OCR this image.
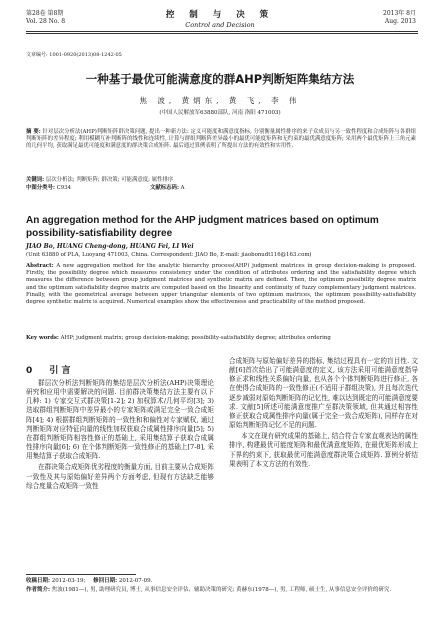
第28卷 第8期
Vol. 28 No. 8
控 制 与 决 策
Control and Decision
2013年 8月
Aug. 2013
文章编号: 1001-0920(2013)08-1242-05
一种基于最优可能满意度的群AHP判断矩阵集结方法
焦 波, 黄炳东, 黄 飞, 李 伟
(中国人民解放军63880部队, 河南 洛阳 471003)
摘 要: 针对层次分析法(AHP)判断矩阵群决策问题, 提出一种新方法: 定义可能度和满意度指标, 分别衡量属性排序的来子众成员与另一致性程度和合成矩阵与各群组判断矩阵的差异程度; 利用模糊互补判断阵的线性和连续性, 计算与群组判断阵差异最小的最优可能度矩阵和无约束的最优满意度矩阵; 采用两个最优矩阵上三角元素的几何平均, 获取满足最优可能度和满意度的群决策合成矩阵. 最后通过算例表明了所提出方法的有效性和实用性.
关键词: 层次分析法; 判断矩阵; 群决策; 可能满意度; 属性排序
中图分类号: C934	文献标志码: A
An aggregation method for the AHP judgment matrices based on optimum possibility-satisfiability degree
JIAO Bo, HUANG Cheng-dong, HUANG Fei, LI Wei
(Unit 63880 of PLA, Luoyang 471003, China. Correspondent: JIAO Bo, E-mail: jiaobonudt116@163.com)
Abstract: A new aggregation method for the analytic hierarchy process(AHP) judgment matrices in group decision-making is proposed. Firstly, the possibility degree which measures consistency under the condition of attributes ordering and the satisfiability degree which measures the difference between group judgment matrices and synthetic matrix are defined. Then, the optimum possibility degree matrix and the optimum satisfiability degree matrix are computed based on the linearity and continuity of fuzzy complementary judgment matrices. Finally, with the geometrical average between upper triangular elements of two optimum matrices, the optimum possibility-satisfiability degree synthetic matrix is acquired. Numerical examples show the effectiveness and practicability of the method proposed.
Key words: AHP; judgment matrix; group decision-making; possibility-satisfiability degree; attributes ordering
0 引 言

群层次分析法判断矩阵的集结是层次分析法(AHP)决策理论研究和应用中需要解决的问题. 目前群决策集结方法主要有以下几种: 1) 专家交互式群决策[1-2]; 2) 加权算术/几何平均[3]; 3) 迭取群组判断矩阵中差异最小的专家矩阵或满足完全一致合成矩阵[4]; 4) 根据群组判断矩阵的一致性和和偏性对专家赋权, 通过判断矩阵对应特征向量的线性加权获取合成属性排序向量[5]; 5) 在群组判断矩阵相容性修正的基础上, 采用集结算子获取合成属性排序向量[6]; 6) 在个体判断矩阵一致性修正的基础上[7-8], 采用集结算子获取合成矩阵.

在群决策合成矩阵优劣程度的衡量方面, 目前主要从合成矩阵一致性及其与原始偏好差异两个方面考虑, 但现有方法缺乏能够综合度量合成矩阵一致性

合成矩阵与原始偏好差异的指标, 集结过程具有一定的盲目性. 文献[6]首次给出了可能满意度的定义, 该方法采用可能满意度指导修正求和线性关系偏好向量, 也从各个个体判断矩阵进行修正, 各在使得合成矩阵的一致性修正(不适用于群组决策), 并且每次迭代逐步减弱对原始判断矩阵的记忆性, 难以达到既定的可能满意度要求. 文献[5]所述可能满意度推广至群决策领域, 但其通过相容性修正获取合成属性排序向量(属于完全一致合成矩阵), 同样存在对原始判断矩阵记忆不足的问题.

本文在现有研究成果的基础上, 结合符合专家直观表达的属性排序, 构建最优可能度矩阵和最优满意度矩阵, 在最优矩阵形成上下界的约束下, 获取最优可能满意度群决策合成矩阵. 算例分析结果表明了本文方法的有效性.

收稿日期: 2012-03-19; 修回日期: 2012-07-09.
作者简介: 焦波(1981—), 男, 助理研究员, 博士, 从事信息安全评估、辅助决策的研究; 黄赫东(1978—), 男, 工程师, 硕士生, 从事信息安全评价的研究.
